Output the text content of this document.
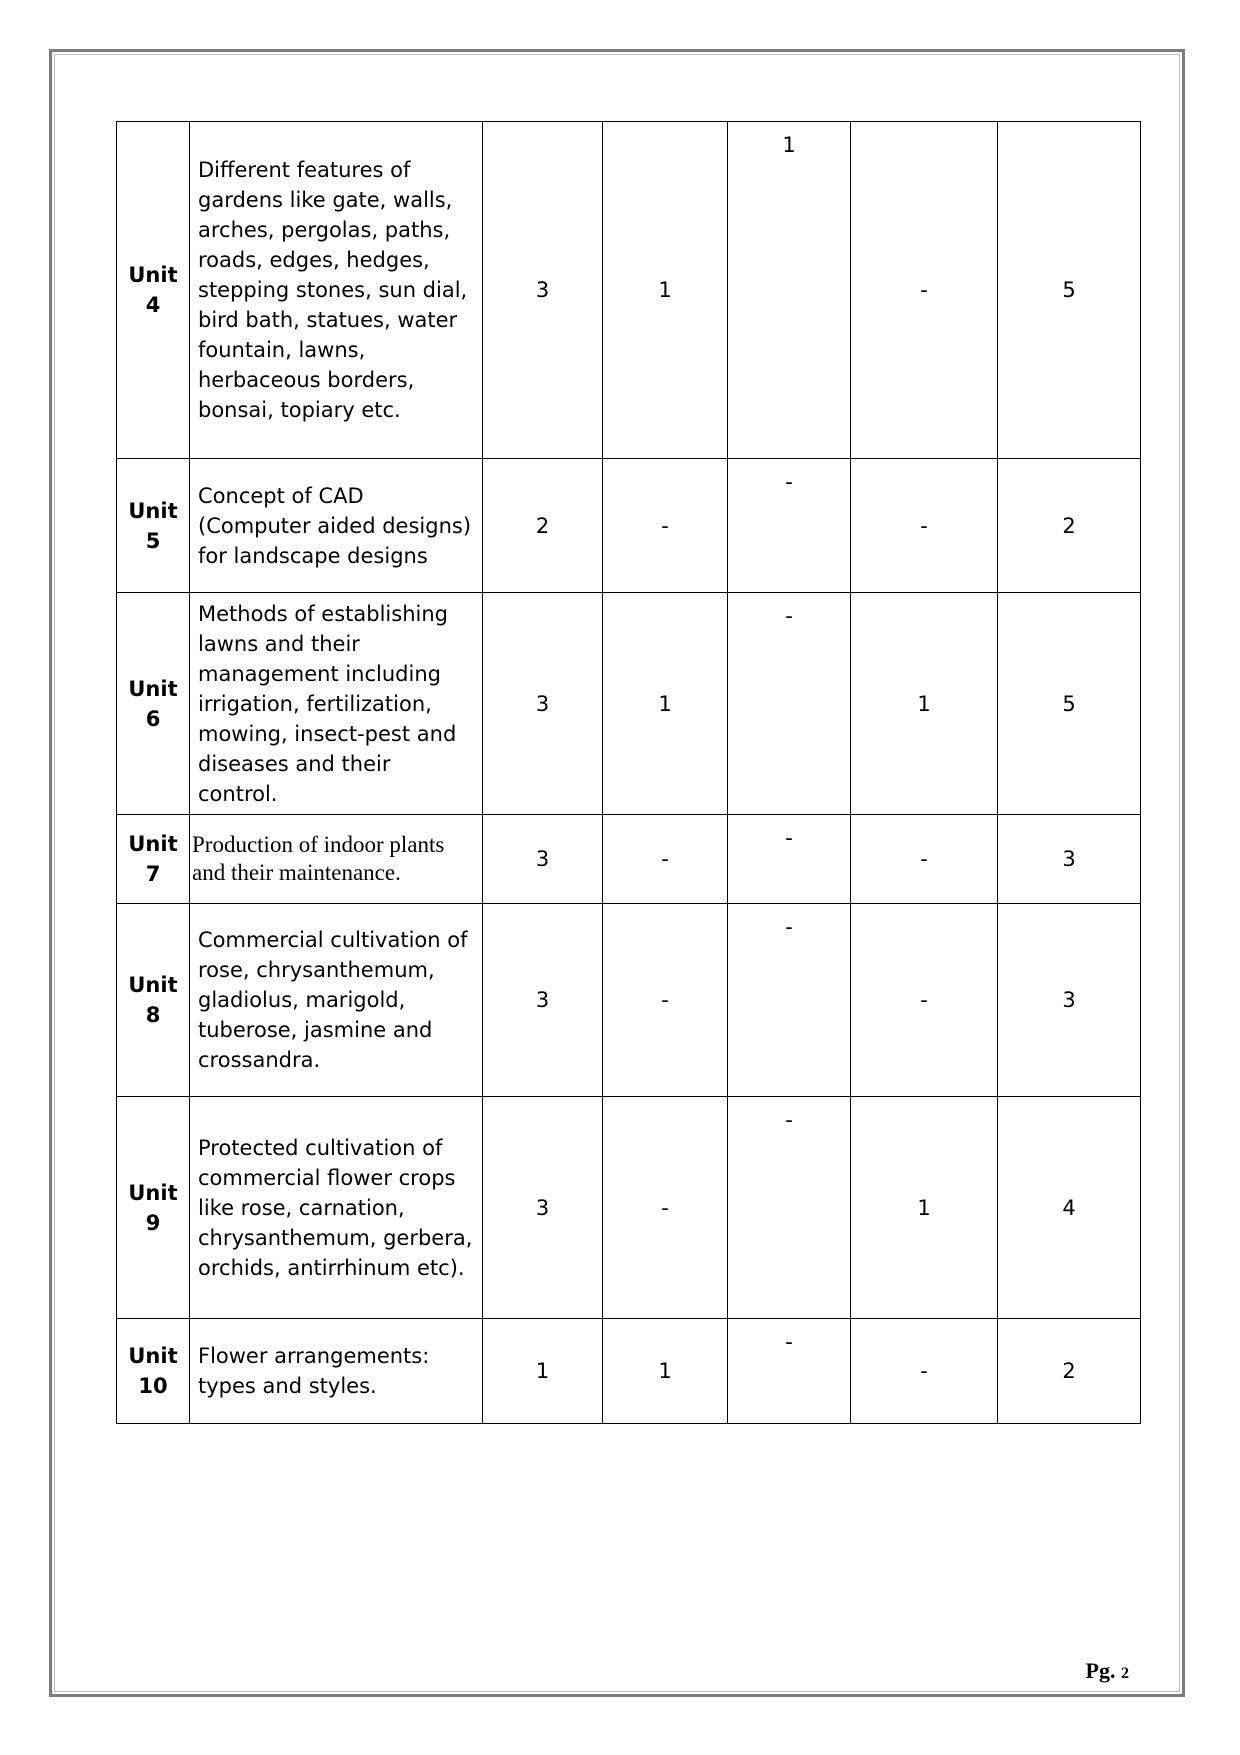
Unit
4	Different features of gardens like gate, walls, arches, pergolas, paths, roads, edges, hedges, stepping stones, sun dial, bird bath, statues, water fountain, lawns, herbaceous borders, bonsai, topiary etc.	3	1	1	-	5
Unit
5	Concept of CAD (Computer aided designs) for landscape designs	2	-	-	-	2
Unit
6	Methods of establishing lawns and their management including irrigation, fertilization, mowing, insect-pest and diseases and their control.	3	1	-	1	5
Unit
7	Production of indoor plants and their maintenance.	3	-	-	-	3
Unit
8	Commercial cultivation of rose, chrysanthemum, gladiolus, marigold, tuberose, jasmine and crossandra.	3	-	-	-	3
Unit
9	Protected cultivation of commercial flower crops like rose, carnation, chrysanthemum, gerbera, orchids, antirrhinum etc).	3	-	-	1	4
Unit
10	Flower arrangements: types and styles.	1	1	-	-	2
Pg. 2
